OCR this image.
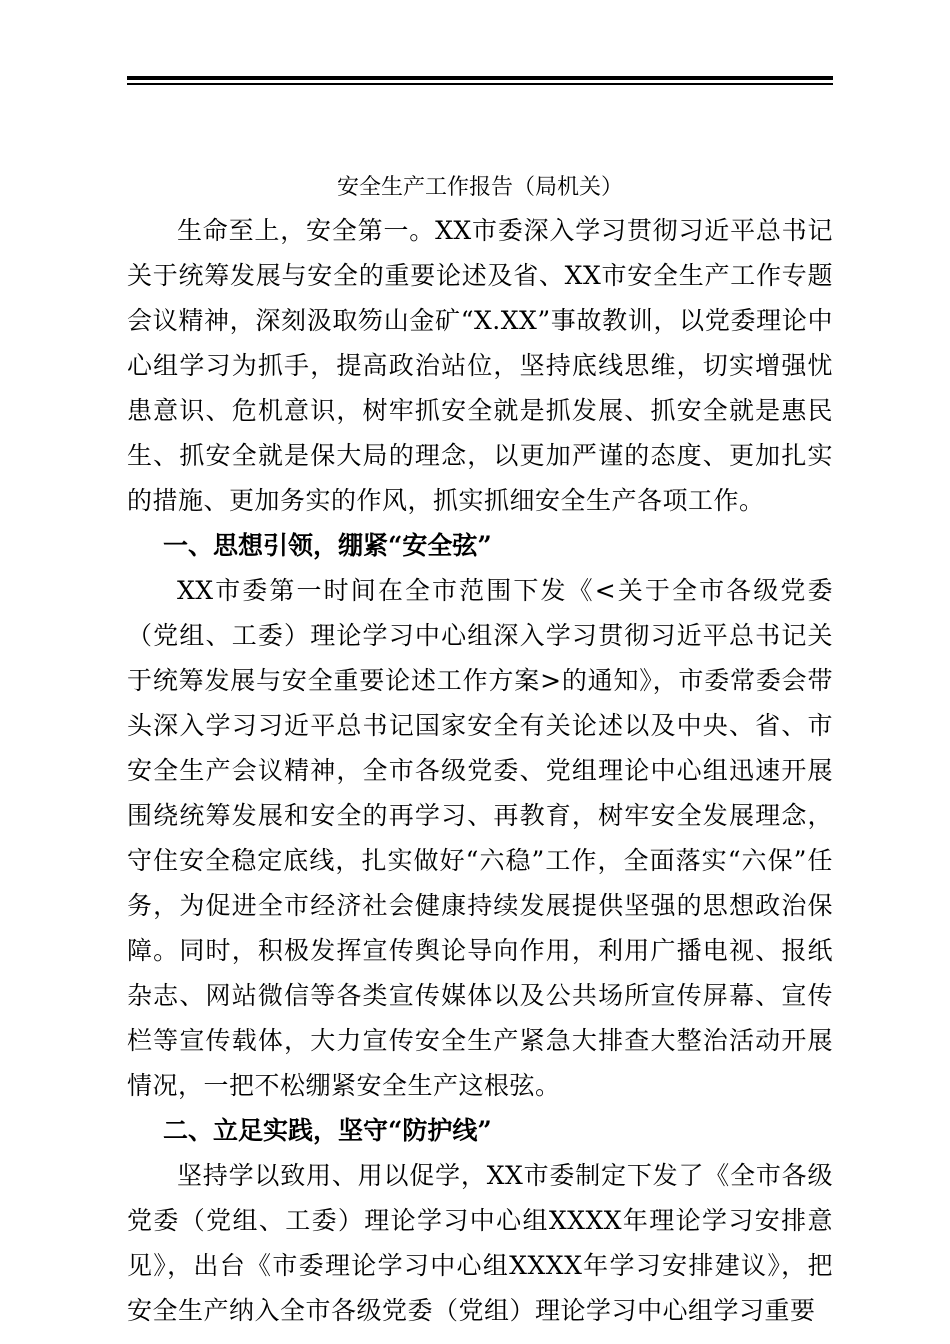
安全生产工作报告（局机关）

生命至上，安全第一。XX市委深入学习贯彻习近平总书记关于统筹发展与安全的重要论述及省、XX市安全生产工作专题会议精神，深刻汲取笏山金矿“X.XX”事故教训，以党委理论中心组学习为抓手，提高政治站位，坚持底线思维，切实增强忧患意识、危机意识，树牢抓安全就是抓发展、抓安全就是惠民生、抓安全就是保大局的理念，以更加严谨的态度、更加扎实的措施、更加务实的作风，抓实抓细安全生产各项工作。

一、思想引领，绷紧“安全弦”

XX市委第一时间在全市范围下发《<关于全市各级党委（党组、工委）理论学习中心组深入学习贯彻习近平总书记关于统筹发展与安全重要论述工作方案>的通知》，市委常委会带头深入学习习近平总书记国家安全有关论述以及中央、省、市安全生产会议精神，全市各级党委、党组理论中心组迅速开展围绕统筹发展和安全的再学习、再教育，树牢安全发展理念，守住安全稳定底线，扎实做好“六稳”工作，全面落实“六保”任务，为促进全市经济社会健康持续发展提供坚强的思想政治保障。同时，积极发挥宣传舆论导向作用，利用广播电视、报纸杂志、网站微信等各类宣传媒体以及公共场所宣传屏幕、宣传栏等宣传载体，大力宣传安全生产紧急大排查大整治活动开展情况，一把不松绷紧安全生产这根弦。

二、立足实践，坚守“防护线”

坚持学以致用、用以促学，XX市委制定下发了《全市各级党委（党组、工委）理论学习中心组XXXX年理论学习安排意见》，出台《市委理论学习中心组XXXX年学习安排建议》，把安全生产纳入全市各级党委（党组）理论学习中心组学习重要
